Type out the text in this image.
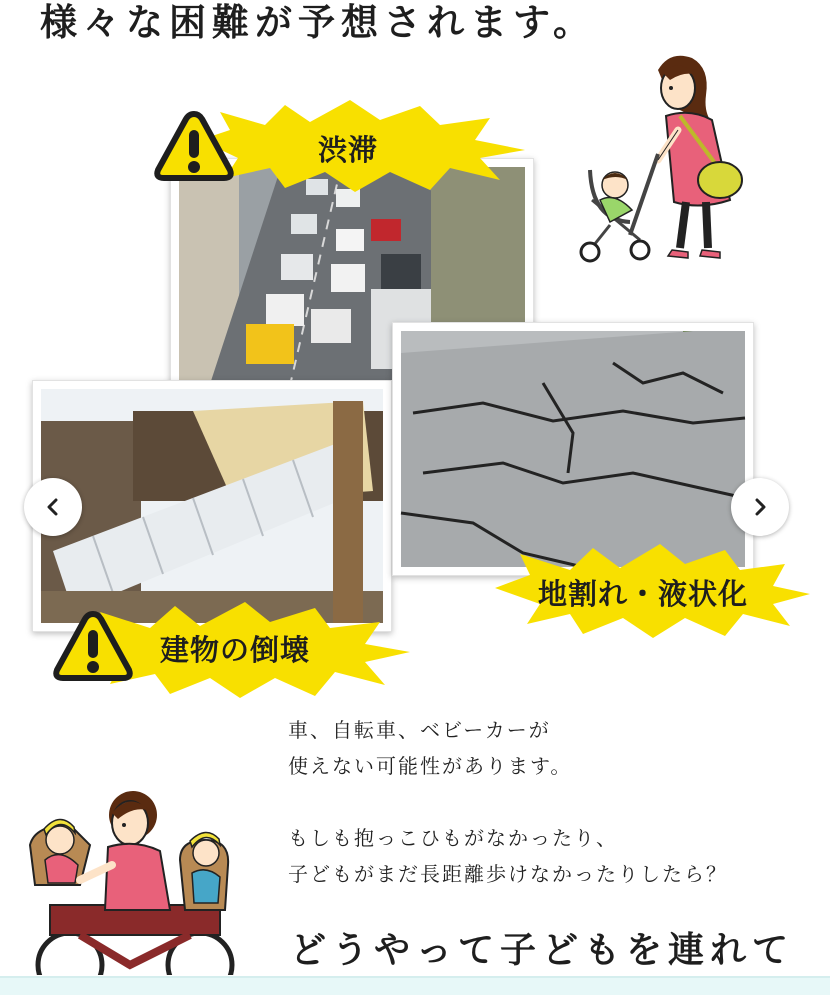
様々な困難が予想されます。
渋滞
建物の倒壊
地割れ・液状化
車、自転車、ベビーカーが
使えない可能性があります。
もしも抱っこひもがなかったり、
子どもがまだ長距離歩けなかったりしたら？
どうやって子どもを連れて
